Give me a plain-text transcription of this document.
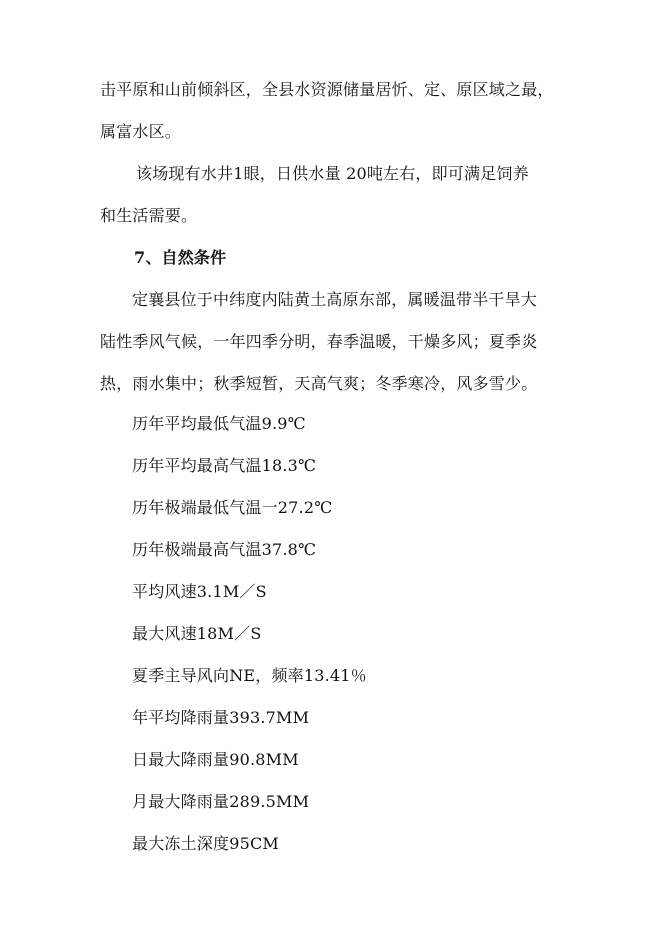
击平原和山前倾斜区，全县水资源储量居忻、定、原区域之最，

属富水区。

该场现有水井1眼，日供水量 20吨左右，即可满足饲养

和生活需要。

7、自然条件

定襄县位于中纬度内陆黄土高原东部，属暖温带半干旱大

陆性季风气候，一年四季分明，春季温暖，干燥多风；夏季炎

热，雨水集中；秋季短暂，天高气爽；冬季寒冷，风多雪少。

历年平均最低气温9.9℃

历年平均最高气温18.3℃

历年极端最低气温一27.2℃

历年极端最高气温37.8℃

平均风速3.1M／S

最大风速18M／S

夏季主导风向NE，频率13.41％

年平均降雨量393.7MM

日最大降雨量90.8MM

月最大降雨量289.5MM

最大冻土深度95CM
